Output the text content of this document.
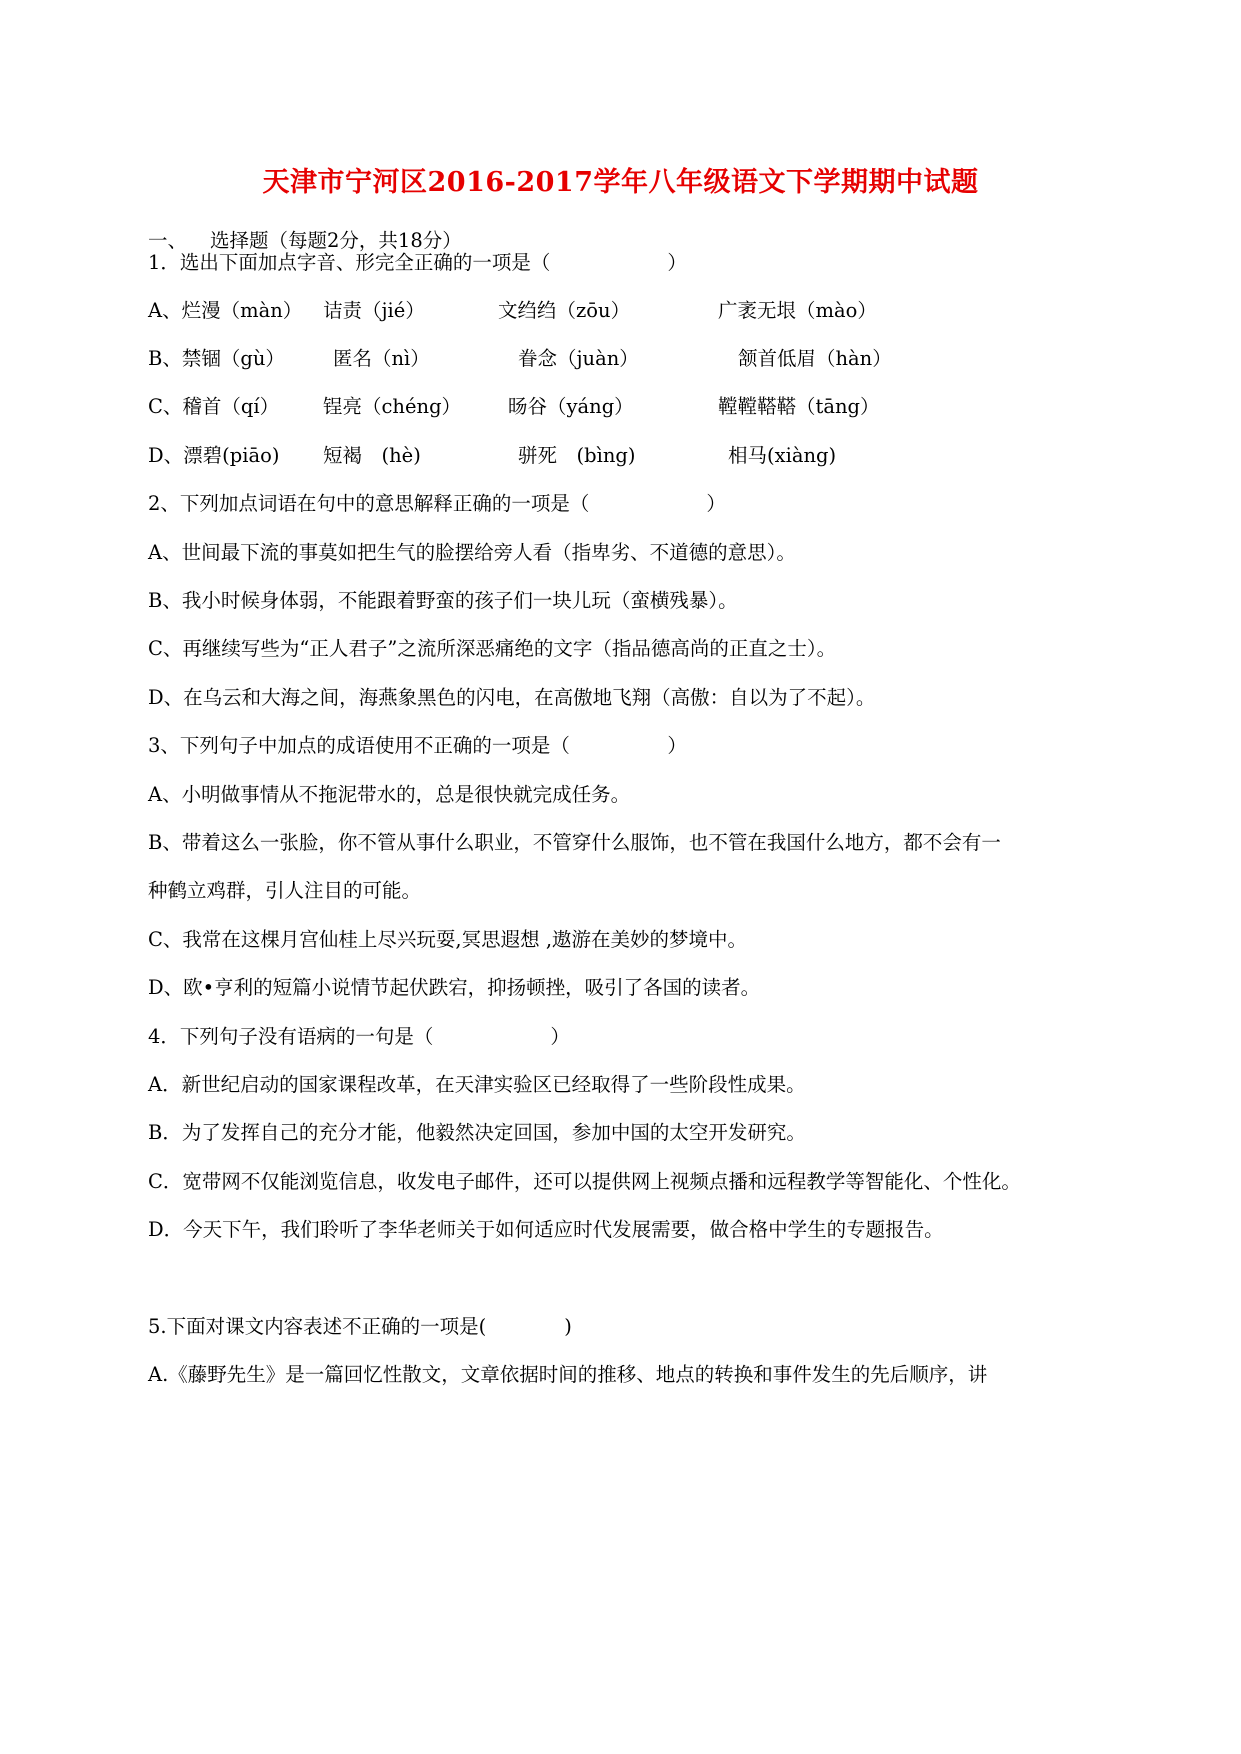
天津市宁河区2016-2017学年八年级语文下学期期中试题
一、 选择题（每题2分，共18分）
1．选出下面加点字音、形完全正确的一项是（　　　　　　）
A、烂漫（màn） 诘责（jié）	文绉绉（zōu）	广袤无垠（mào）
B、禁锢（gù） 匿名（nì）	眷念（juàn）	颔首低眉（hàn）
C、稽首（qí） 锃亮（chéng） 旸谷（yáng）	鞺鞺鞳鞳（tāng）
D、漂碧(piāo) 短褐　(hè)	骈死　(bìng)	相马(xiàng)
2、下列加点词语在句中的意思解释正确的一项是（　　　　　　）
A、世间最下流的事莫如把生气的脸摆给旁人看（指卑劣、不道德的意思）。
B、我小时候身体弱，不能跟着野蛮的孩子们一块儿玩（蛮横残暴）。
C、再继续写些为“正人君子”之流所深恶痛绝的文字（指品德高尚的正直之士）。
D、在乌云和大海之间，海燕象黑色的闪电，在高傲地飞翔（高傲：自以为了不起）。
3、下列句子中加点的成语使用不正确的一项是（　　　　　）
A、小明做事情从不拖泥带水的，总是很快就完成任务。
B、带着这么一张脸，你不管从事什么职业，不管穿什么服饰，也不管在我国什么地方，都不会有一
种鹤立鸡群，引人注目的可能。
C、我常在这棵月宫仙桂上尽兴玩耍,冥思遐想 ,遨游在美妙的梦境中。
D、欧•亨利的短篇小说情节起伏跌宕，抑扬顿挫，吸引了各国的读者。
4．下列句子没有语病的一句是（　　　　　　）
A．新世纪启动的国家课程改革，在天津实验区已经取得了一些阶段性成果。
B．为了发挥自己的充分才能，他毅然决定回国，参加中国的太空开发研究。
C．宽带网不仅能浏览信息，收发电子邮件，还可以提供网上视频点播和远程教学等智能化、个性化。
D．今天下午，我们聆听了李华老师关于如何适应时代发展需要，做合格中学生的专题报告。
5.下面对课文内容表述不正确的一项是(　　　　)
A.《藤野先生》是一篇回忆性散文，文章依据时间的推移、地点的转换和事件发生的先后顺序，讲
